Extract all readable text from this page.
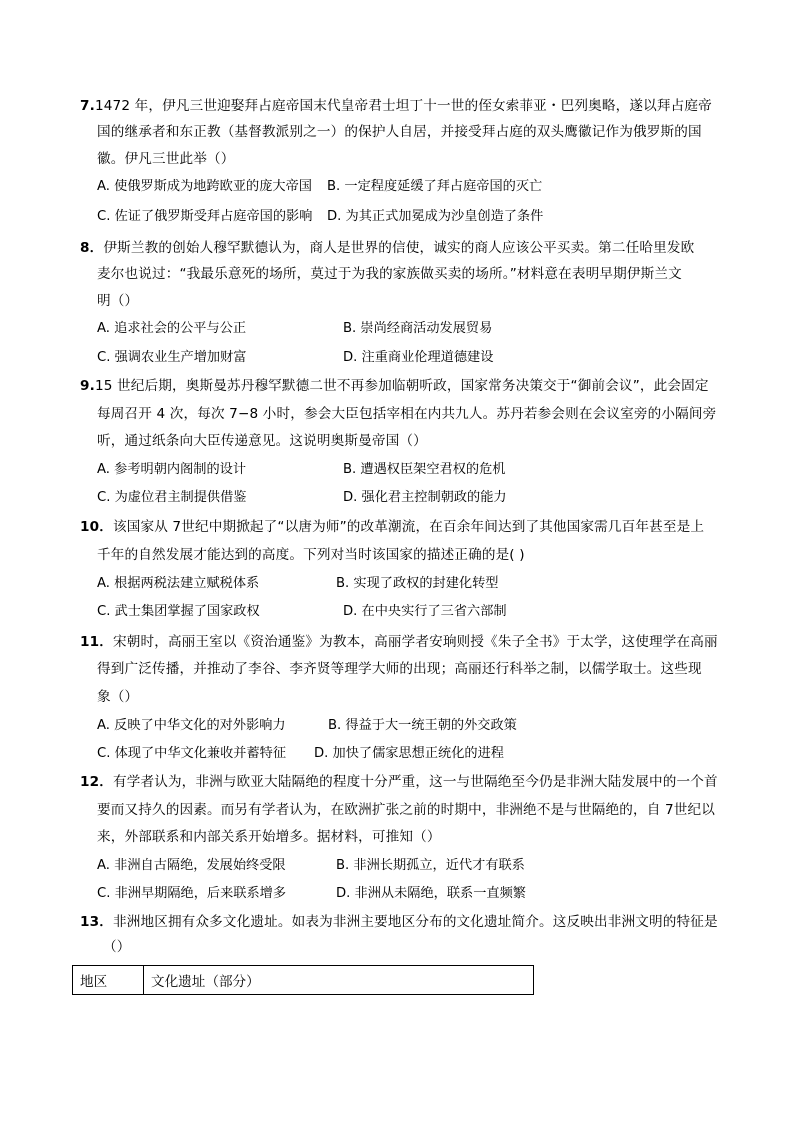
7.1472 年，伊凡三世迎娶拜占庭帝国末代皇帝君士坦丁十一世的侄女索菲亚・巴列奥略，遂以拜占庭帝
国的继承者和东正教（基督教派别之一）的保护人自居，并接受拜占庭的双头鹰徽记作为俄罗斯的国
徽。伊凡三世此举（）
A. 使俄罗斯成为地跨欧亚的庞大帝国 B. 一定程度延缓了拜占庭帝国的灭亡
C. 佐证了俄罗斯受拜占庭帝国的影响 D. 为其正式加冕成为沙皇创造了条件
8．伊斯兰教的创始人穆罕默德认为，商人是世界的信使，诚实的商人应该公平买卖。第二任哈里发欧
麦尔也说过：“我最乐意死的场所，莫过于为我的家族做买卖的场所。”材料意在表明早期伊斯兰文
明（）
A. 追求社会的公平与公正	B. 崇尚经商活动发展贸易
C. 强调农业生产增加财富	D. 注重商业伦理道德建设
9.15 世纪后期，奥斯曼苏丹穆罕默德二世不再参加临朝听政，国家常务决策交于“御前会议”，此会固定
每周召开 4 次，每次 7−8 小时，参会大臣包括宰相在内共九人。苏丹若参会则在会议室旁的小隔间旁
听，通过纸条向大臣传递意见。这说明奥斯曼帝国（）
A. 参考明朝内阁制的设计	B. 遭遇权臣架空君权的危机
C. 为虚位君主制提供借鉴	D. 强化君主控制朝政的能力
10．该国家从 7世纪中期掀起了“以唐为师”的改革潮流，在百余年间达到了其他国家需几百年甚至是上
千年的自然发展才能达到的高度。下列对当时该国家的描述正确的是( )
A. 根据两税法建立赋税体系	B. 实现了政权的封建化转型
C. 武士集团掌握了国家政权	D. 在中央实行了三省六部制
11．宋朝时，高丽王室以《资治通鉴》为教本，高丽学者安珦则授《朱子全书》于太学，这使理学在高丽
得到广泛传播，并推动了李谷、李齐贤等理学大师的出现；高丽还行科举之制，以儒学取士。这些现
象（）
A. 反映了中华文化的对外影响力	B. 得益于大一统王朝的外交政策
C. 体现了中华文化兼收并蓄特征 D. 加快了儒家思想正统化的进程
12．有学者认为，非洲与欧亚大陆隔绝的程度十分严重，这一与世隔绝至今仍是非洲大陆发展中的一个首
要而又持久的因素。而另有学者认为，在欧洲扩张之前的时期中，非洲绝不是与世隔绝的，自 7世纪以
来，外部联系和内部关系开始增多。据材料，可推知（）
A. 非洲自古隔绝，发展始终受限	B. 非洲长期孤立，近代才有联系
C. 非洲早期隔绝，后来联系增多	D. 非洲从未隔绝，联系一直频繁
13．非洲地区拥有众多文化遗址。如表为非洲主要地区分布的文化遗址简介。这反映出非洲文明的特征是
（）
地区	文化遗址（部分）
